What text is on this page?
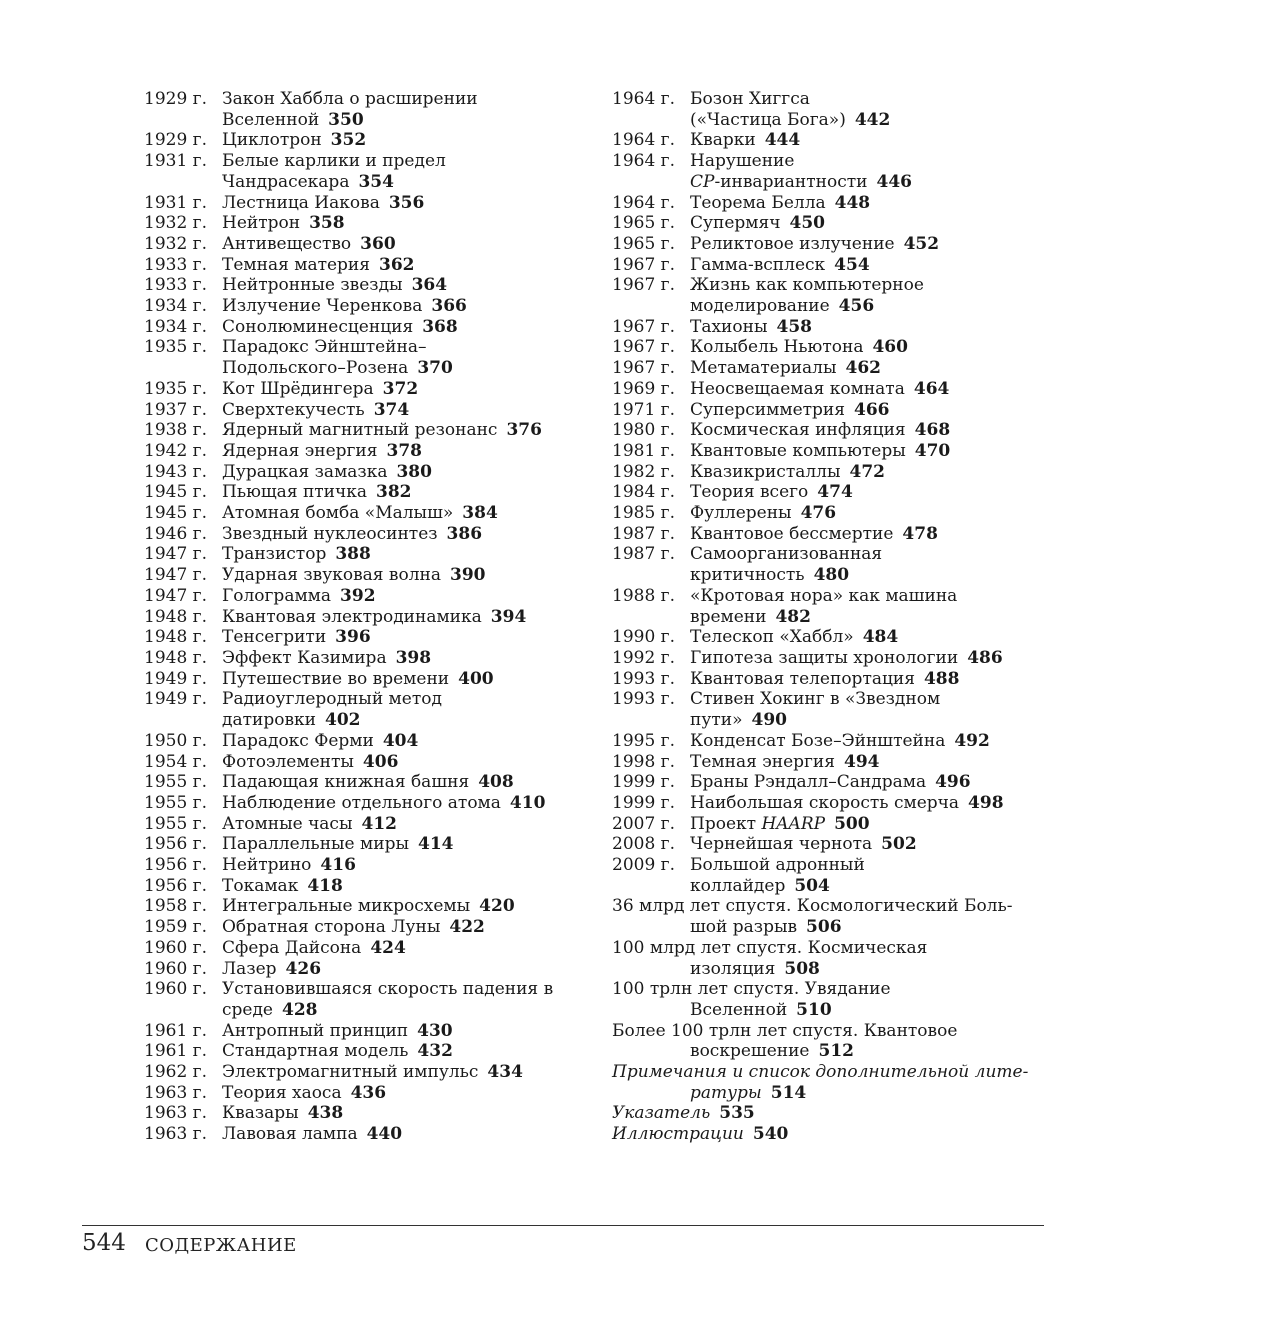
1929 г. Закон Хаббла о расширении
Вселенной 350
1929 г. Циклотрон 352
1931 г. Белые карлики и предел
Чандрасекара 354
1931 г. Лестница Иакова 356
1932 г. Нейтрон 358
1932 г. Антивещество 360
1933 г. Темная материя 362
1933 г. Нейтронные звезды 364
1934 г. Излучение Черенкова 366
1934 г. Сонолюминесценция 368
1935 г. Парадокс Эйнштейна–
Подольского–Розена 370
1935 г. Кот Шрёдингера 372
1937 г. Сверхтекучесть 374
1938 г. Ядерный магнитный резонанс 376
1942 г. Ядерная энергия 378
1943 г. Дурацкая замазка 380
1945 г. Пьющая птичка 382
1945 г. Атомная бомба «Малыш» 384
1946 г. Звездный нуклеосинтез 386
1947 г. Транзистор 388
1947 г. Ударная звуковая волна 390
1947 г. Голограмма 392
1948 г. Квантовая электродинамика 394
1948 г. Тенсегрити 396
1948 г. Эффект Казимира 398
1949 г. Путешествие во времени 400
1949 г. Радиоуглеродный метод
датировки 402
1950 г. Парадокс Ферми 404
1954 г. Фотоэлементы 406
1955 г. Падающая книжная башня 408
1955 г. Наблюдение отдельного атома 410
1955 г. Атомные часы 412
1956 г. Параллельные миры 414
1956 г. Нейтрино 416
1956 г. Токамак 418
1958 г. Интегральные микросхемы 420
1959 г. Обратная сторона Луны 422
1960 г. Сфера Дайсона 424
1960 г. Лазер 426
1960 г. Установившаяся скорость падения в
среде 428
1961 г. Антропный принцип 430
1961 г. Стандартная модель 432
1962 г. Электромагнитный импульс 434
1963 г. Теория хаоса 436
1963 г. Квазары 438
1963 г. Лавовая лампа 440
1964 г. Бозон Хиггса
(«Частица Бога») 442
1964 г. Кварки 444
1964 г. Нарушение
CP-инвариантности 446
1964 г. Теорема Белла 448
1965 г. Супермяч 450
1965 г. Реликтовое излучение 452
1967 г. Гамма-всплеск 454
1967 г. Жизнь как компьютерное
моделирование 456
1967 г. Тахионы 458
1967 г. Колыбель Ньютона 460
1967 г. Метаматериалы 462
1969 г. Неосвещаемая комната 464
1971 г. Суперсимметрия 466
1980 г. Космическая инфляция 468
1981 г. Квантовые компьютеры 470
1982 г. Квазикристаллы 472
1984 г. Теория всего 474
1985 г. Фуллерены 476
1987 г. Квантовое бессмертие 478
1987 г. Самоорганизованная
критичность 480
1988 г. «Кротовая нора» как машина
времени 482
1990 г. Телескоп «Хаббл» 484
1992 г. Гипотеза защиты хронологии 486
1993 г. Квантовая телепортация 488
1993 г. Стивен Хокинг в «Звездном
пути» 490
1995 г. Конденсат Бозе–Эйнштейна 492
1998 г. Темная энергия 494
1999 г. Браны Рэндалл–Сандрама 496
1999 г. Наибольшая скорость смерча 498
2007 г. Проект HAARP 500
2008 г. Чернейшая чернота 502
2009 г. Большой адронный
коллайдер 504
36 млрд лет спустя. Космологический Боль-
шой разрыв 506
100 млрд лет спустя. Космическая
изоляция 508
100 трлн лет спустя. Увядание
Вселенной 510
Более 100 трлн лет спустя. Квантовое
воскрешение 512
Примечания и список дополнительной лите-
ратуры 514
Указатель 535
Иллюстрации 540
544 СОДЕРЖАНИЕ
